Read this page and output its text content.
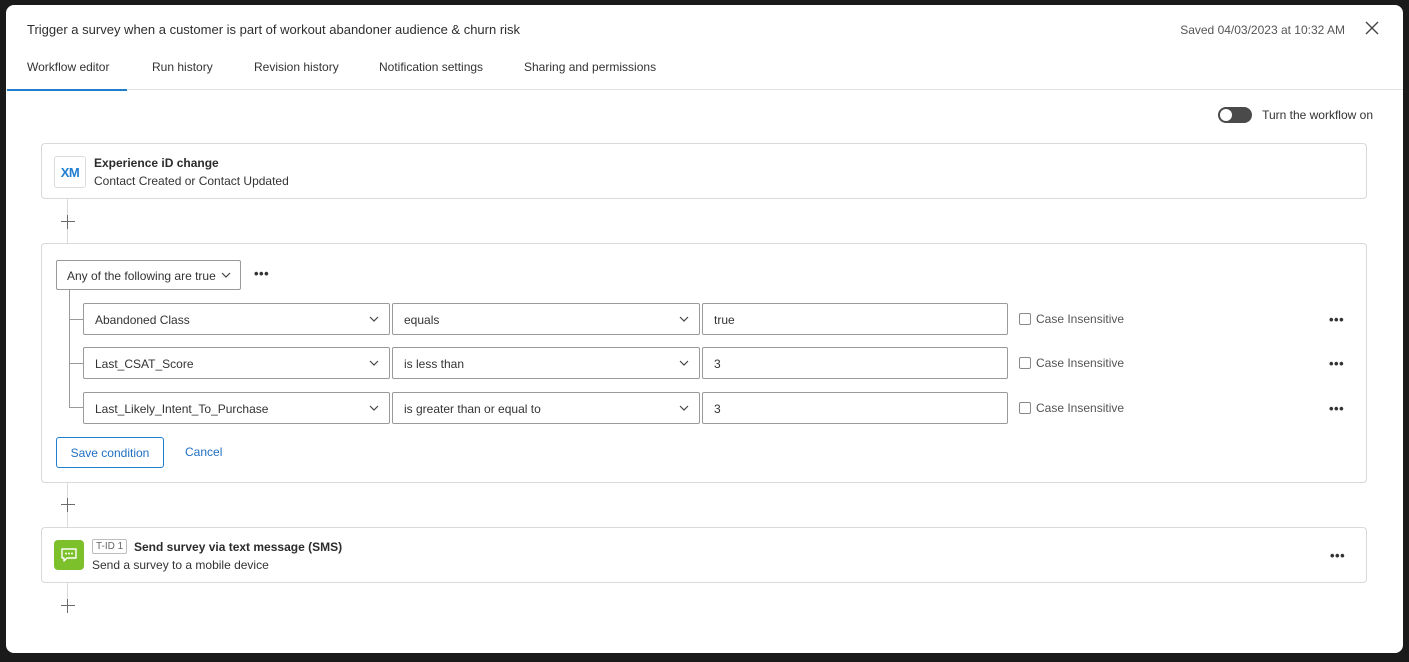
Trigger a survey when a customer is part of workout abandoner audience & churn risk	Saved 04/03/2023 at 10:32 AM
Workflow editor	Run history	Revision history	Notification settings	Sharing and permissions
Turn the workflow on
XM
Experience iD change
Contact Created or Contact Updated
Any of the following are true	•••
Abandoned Class	equals	true	Case Insensitive	•••
Last_CSAT_Score	is less than	3	Case Insensitive	•••
Last_Likely_Intent_To_Purchase	is greater than or equal to	3	Case Insensitive	•••
Save condition	Cancel
T-ID 1 Send survey via text message (SMS)
Send a survey to a mobile device
•••
